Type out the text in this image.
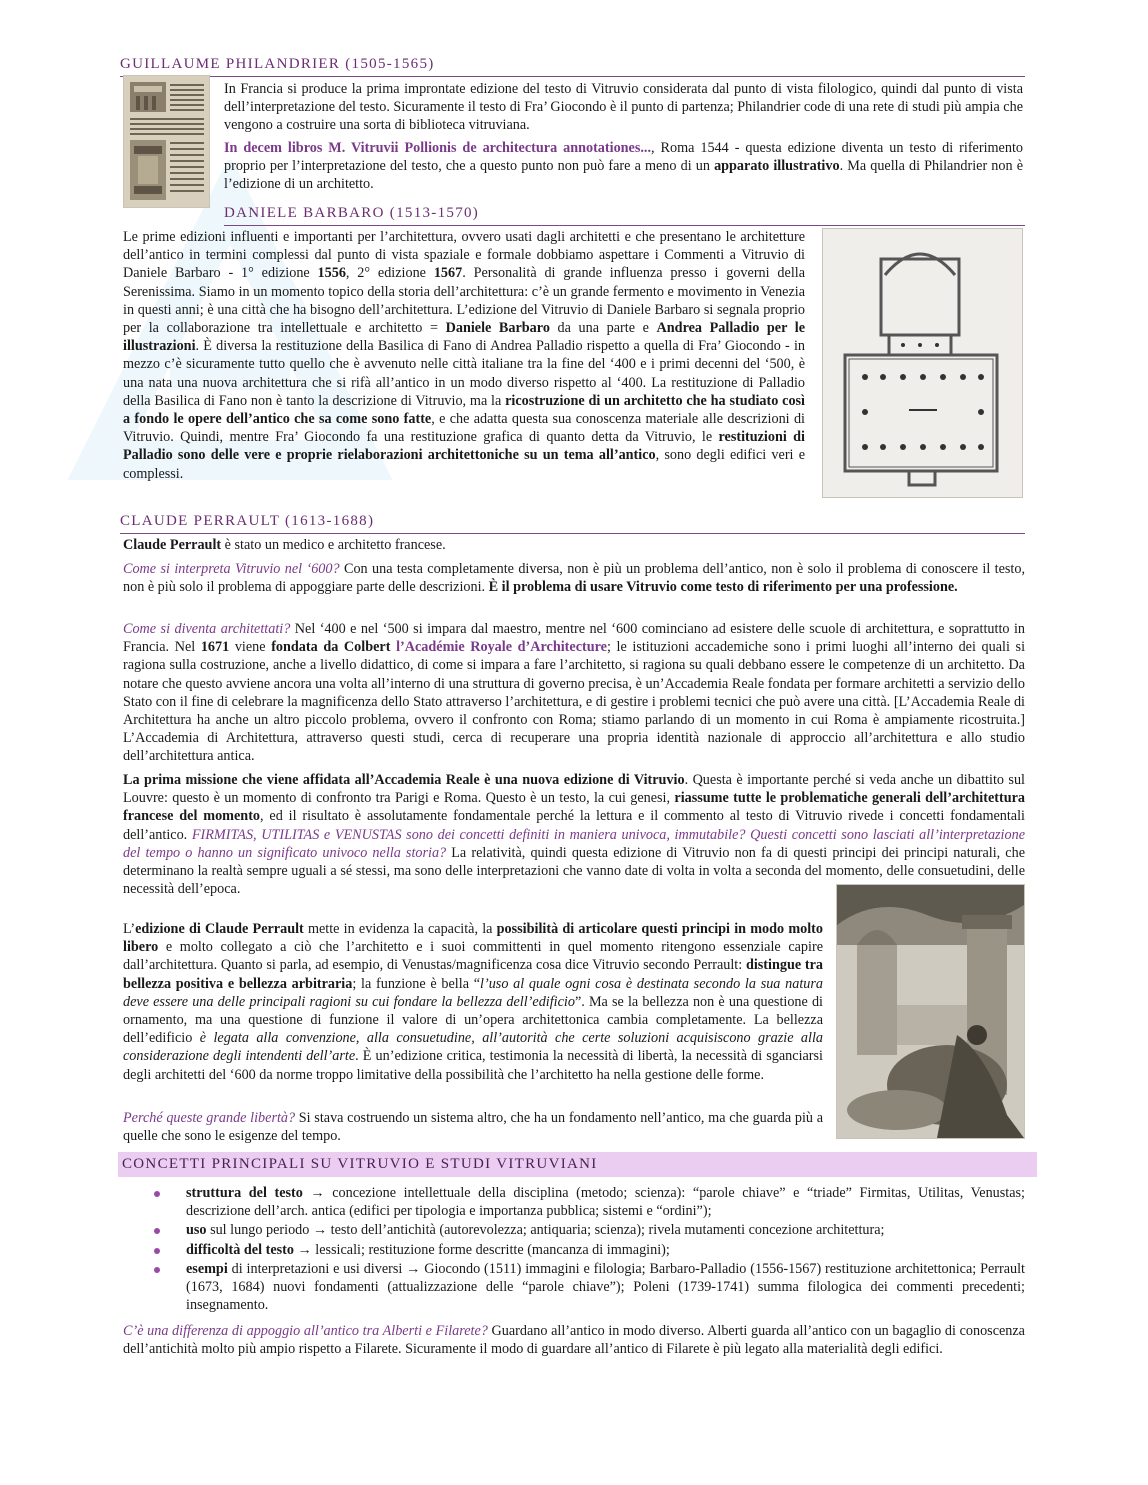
GUILLAUME PHILANDRIER (1505-1565)
In Francia si produce la prima improntate edizione del testo di Vitruvio considerata dal punto di vista filologico, quindi dal punto di vista dell’interpretazione del testo. Sicuramente il testo di Fra’ Giocondo è il punto di partenza; Philandrier code di una rete di studi più ampia che vengono a costruire una sorta di biblioteca vitruviana.
In decem libros M. Vitruvii Pollionis de architectura annotationes..., Roma 1544 - questa edizione diventa un testo di riferimento proprio per l’interpretazione del testo, che a questo punto non può fare a meno di un apparato illustrativo. Ma quella di Philandrier non è l’edizione di un architetto.
DANIELE BARBARO (1513-1570)
Le prime edizioni influenti e importanti per l’architettura, ovvero usati dagli architetti e che presentano le architetture dell’antico in termini complessi dal punto di vista spaziale e formale dobbiamo aspettare i Commenti a Vitruvio di Daniele Barbaro - 1° edizione 1556, 2° edizione 1567. Personalità di grande influenza presso i governi della Serenissima. Siamo in un momento topico della storia dell’architettura: c’è un grande fermento e movimento in Venezia in questi anni; è una città che ha bisogno dell’architettura. L’edizione del Vitruvio di Daniele Barbaro si segnala proprio per la collaborazione tra intellettuale e architetto = Daniele Barbaro da una parte e Andrea Palladio per le illustrazioni. È diversa la restituzione della Basilica di Fano di Andrea Palladio rispetto a quella di Fra’ Giocondo - in mezzo c’è sicuramente tutto quello che è avvenuto nelle città italiane tra la fine del ‘400 e i primi decenni del ‘500, è una nata una nuova architettura che si rifà all’antico in un modo diverso rispetto al ‘400. La restituzione di Palladio della Basilica di Fano non è tanto la descrizione di Vitruvio, ma la ricostruzione di un architetto che ha studiato così a fondo le opere dell’antico che sa come sono fatte, e che adatta questa sua conoscenza materiale alle descrizioni di Vitruvio. Quindi, mentre Fra’ Giocondo fa una restituzione grafica di quanto detta da Vitruvio, le restituzioni di Palladio sono delle vere e proprie rielaborazioni architettoniche su un tema all’antico, sono degli edifici veri e complessi.
CLAUDE PERRAULT (1613-1688)
Claude Perrault è stato un medico e architetto francese.
Come si interpreta Vitruvio nel ‘600? Con una testa completamente diversa, non è più un problema dell’antico, non è solo il problema di conoscere il testo, non è più solo il problema di appoggiare parte delle descrizioni. È il problema di usare Vitruvio come testo di riferimento per una professione.
Come si diventa architettati? Nel ‘400 e nel ‘500 si impara dal maestro, mentre nel ‘600 cominciano ad esistere delle scuole di architettura, e soprattutto in Francia. Nel 1671 viene fondata da Colbert l’Académie Royale d’Architecture; le istituzioni accademiche sono i primi luoghi all’interno dei quali si ragiona sulla costruzione, anche a livello didattico, di come si impara a fare l’architetto, si ragiona su quali debbano essere le competenze di un architetto. Da notare che questo avviene ancora una volta all’interno di una struttura di governo precisa, è un’Accademia Reale fondata per formare architetti a servizio dello Stato con il fine di celebrare la magnificenza dello Stato attraverso l’architettura, e di gestire i problemi tecnici che può avere una città. [L’Accademia Reale di Architettura ha anche un altro piccolo problema, ovvero il confronto con Roma; stiamo parlando di un momento in cui Roma è ampiamente ricostruita.] L’Accademia di Architettura, attraverso questi studi, cerca di recuperare una propria identità nazionale di approccio all’architettura e allo studio dell’architettura antica.
La prima missione che viene affidata all’Accademia Reale è una nuova edizione di Vitruvio. Questa è importante perché si veda anche un dibattito sul Louvre: questo è un momento di confronto tra Parigi e Roma. Questo è un testo, la cui genesi, riassume tutte le problematiche generali dell’architettura francese del momento, ed il risultato è assolutamente fondamentale perché la lettura e il commento al testo di Vitruvio rivede i concetti fondamentali dell’antico. FIRMITAS, UTILITAS e VENUSTAS sono dei concetti definiti in maniera univoca, immutabile? Questi concetti sono lasciati all’interpretazione del tempo o hanno un significato univoco nella storia? La relatività, quindi questa edizione di Vitruvio non fa di questi principi dei principi naturali, che determinano la realtà sempre uguali a sé stessi, ma sono delle interpretazioni che vanno date di volta in volta a seconda del momento, delle consuetudini, delle necessità dell’epoca.
L’edizione di Claude Perrault mette in evidenza la capacità, la possibilità di articolare questi principi in modo molto libero e molto collegato a ciò che l’architetto e i suoi committenti in quel momento ritengono essenziale capire dall’architettura. Quanto si parla, ad esempio, di Venustas/magnificenza cosa dice Vitruvio secondo Perrault: distingue tra bellezza positiva e bellezza arbitraria; la funzione è bella “l’uso al quale ogni cosa è destinata secondo la sua natura deve essere una delle principali ragioni su cui fondare la bellezza dell’edificio”. Ma se la bellezza non è una questione di ornamento, ma una questione di funzione il valore di un’opera architettonica cambia completamente. La bellezza dell’edificio è legata alla convenzione, alla consuetudine, all’autorità che certe soluzioni acquisiscono grazie alla considerazione degli intendenti dell’arte. È un’edizione critica, testimonia la necessità di libertà, la necessità di sganciarsi degli architetti del ‘600 da norme troppo limitative della possibilità che l’architetto ha nella gestione delle forme.
Perché queste grande libertà? Si stava costruendo un sistema altro, che ha un fondamento nell’antico, ma che guarda più a quelle che sono le esigenze del tempo.
CONCETTI PRINCIPALI SU VITRUVIO E STUDI VITRUVIANI
struttura del testo → concezione intellettuale della disciplina (metodo; scienza): “parole chiave” e “triade” Firmitas, Utilitas, Venustas; descrizione dell’arch. antica (edifici per tipologia e importanza pubblica; sistemi e “ordini”);
uso sul lungo periodo → testo dell’antichità (autorevolezza; antiquaria; scienza); rivela mutamenti concezione architettura;
difficoltà del testo → lessicali; restituzione forme descritte (mancanza di immagini);
esempi di interpretazioni e usi diversi → Giocondo (1511) immagini e filologia; Barbaro-Palladio (1556-1567) restituzione architettonica; Perrault (1673, 1684) nuovi fondamenti (attualizzazione delle “parole chiave”); Poleni (1739-1741) summa filologica dei commenti precedenti; insegnamento.
C’è una differenza di appoggio all’antico tra Alberti e Filarete? Guardano all’antico in modo diverso. Alberti guarda all’antico con un bagaglio di conoscenza dell’antichità molto più ampio rispetto a Filarete. Sicuramente il modo di guardare all’antico di Filarete è più legato alla materialità degli edifici.
